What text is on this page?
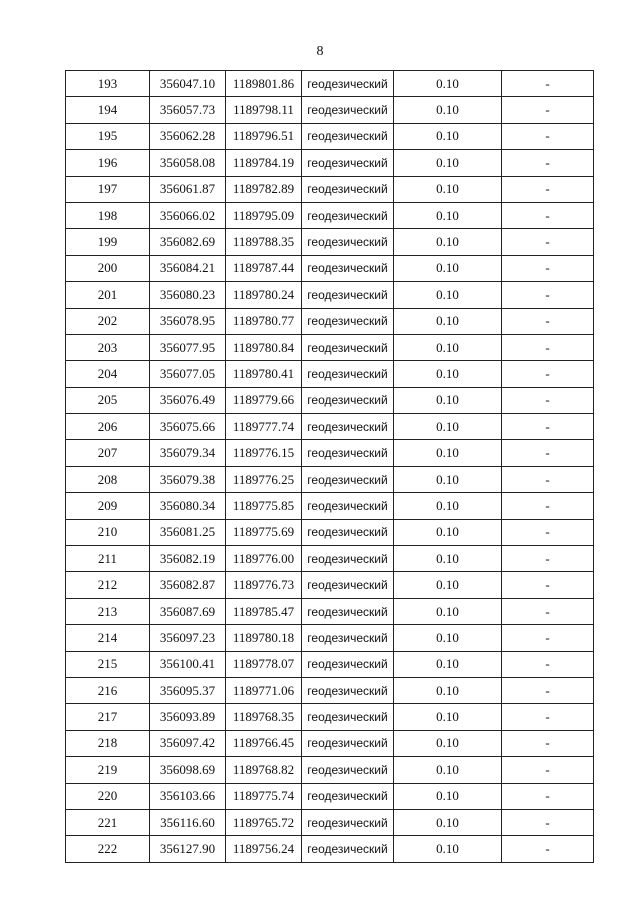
8
193	356047.10	1189801.86	геодезический	0.10	-
194	356057.73	1189798.11	геодезический	0.10	-
195	356062.28	1189796.51	геодезический	0.10	-
196	356058.08	1189784.19	геодезический	0.10	-
197	356061.87	1189782.89	геодезический	0.10	-
198	356066.02	1189795.09	геодезический	0.10	-
199	356082.69	1189788.35	геодезический	0.10	-
200	356084.21	1189787.44	геодезический	0.10	-
201	356080.23	1189780.24	геодезический	0.10	-
202	356078.95	1189780.77	геодезический	0.10	-
203	356077.95	1189780.84	геодезический	0.10	-
204	356077.05	1189780.41	геодезический	0.10	-
205	356076.49	1189779.66	геодезический	0.10	-
206	356075.66	1189777.74	геодезический	0.10	-
207	356079.34	1189776.15	геодезический	0.10	-
208	356079.38	1189776.25	геодезический	0.10	-
209	356080.34	1189775.85	геодезический	0.10	-
210	356081.25	1189775.69	геодезический	0.10	-
211	356082.19	1189776.00	геодезический	0.10	-
212	356082.87	1189776.73	геодезический	0.10	-
213	356087.69	1189785.47	геодезический	0.10	-
214	356097.23	1189780.18	геодезический	0.10	-
215	356100.41	1189778.07	геодезический	0.10	-
216	356095.37	1189771.06	геодезический	0.10	-
217	356093.89	1189768.35	геодезический	0.10	-
218	356097.42	1189766.45	геодезический	0.10	-
219	356098.69	1189768.82	геодезический	0.10	-
220	356103.66	1189775.74	геодезический	0.10	-
221	356116.60	1189765.72	геодезический	0.10	-
222	356127.90	1189756.24	геодезический	0.10	-
